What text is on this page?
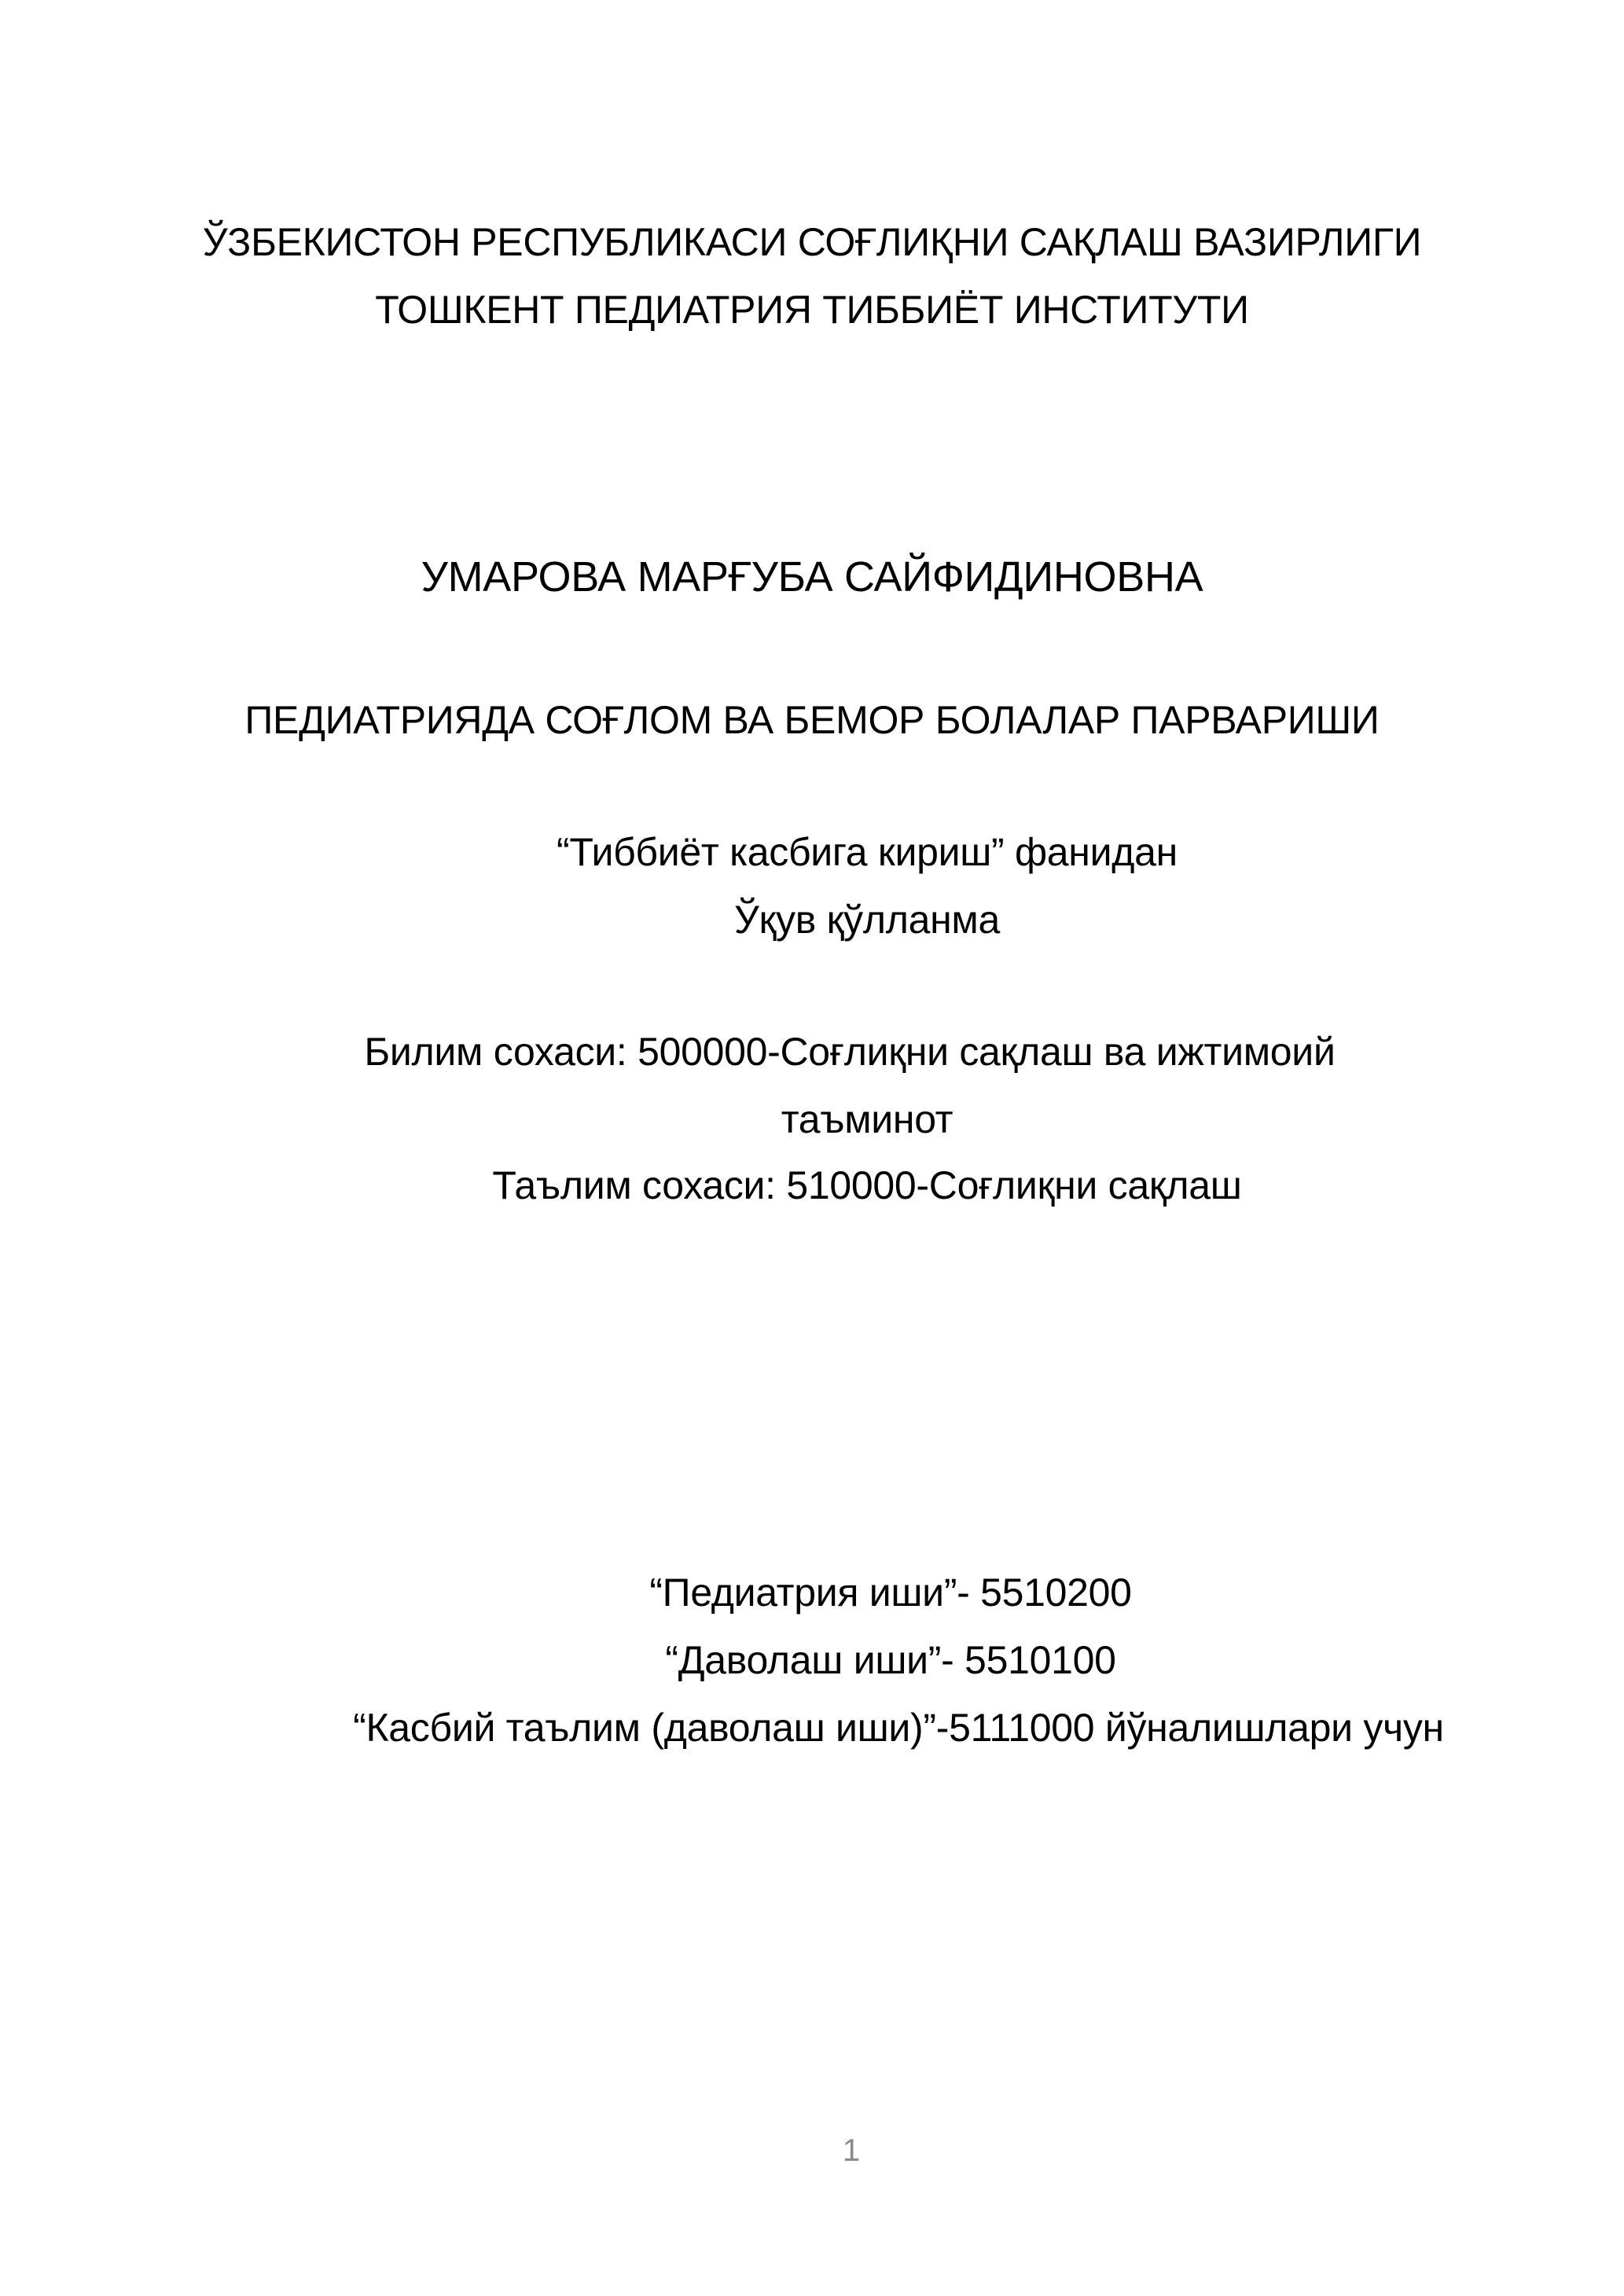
ЎЗБЕКИСТОН РЕСПУБЛИКАСИ СОҒЛИҚНИ САҚЛАШ ВАЗИРЛИГИ
ТОШКЕНТ ПЕДИАТРИЯ ТИББИЁТ ИНСТИТУТИ
УМАРОВА МАРҒУБА САЙФИДИНОВНА
ПЕДИАТРИЯДА СОҒЛОМ ВА БЕМОР БОЛАЛАР ПАРВАРИШИ
“Тиббиёт касбига кириш” фанидан
Ўқув қўлланма
Билим сохаси: 500000-Соғлиқни сақлаш ва ижтимоий
таъминот
Таълим сохаси: 510000-Соғлиқни сақлаш
“Педиатрия иши”- 5510200
“Даволаш иши”- 5510100
“Касбий таълим (даволаш иши)”-5111000 йўналишлари учун
1
